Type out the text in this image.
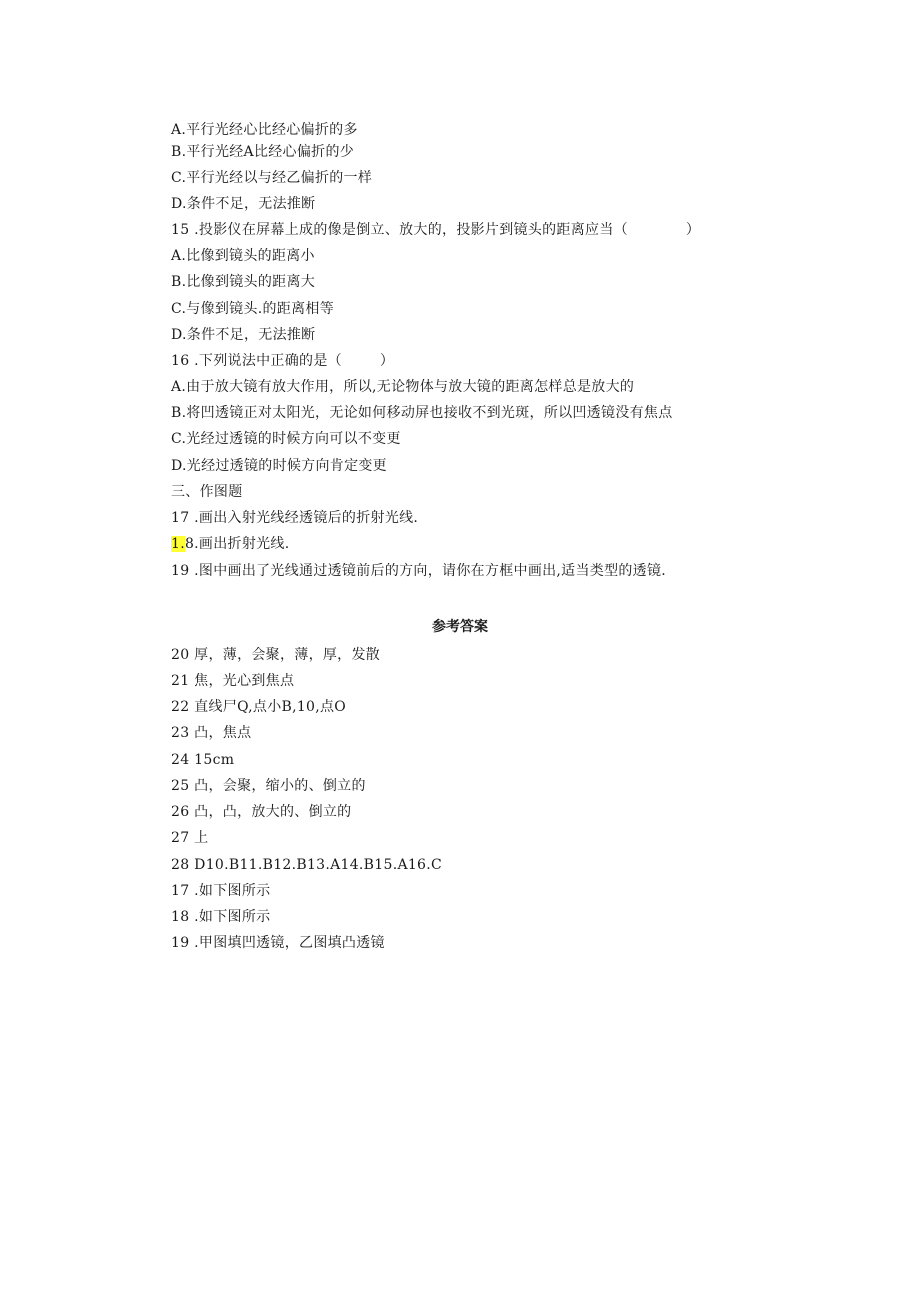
A.平行光经心比经心偏折的多
B.平行光经A比经心偏折的少
C.平行光经以与经乙偏折的一样
D.条件不足，无法推断
15 .投影仪在屏幕上成的像是倒立、放大的，投影片到镜头的距离应当（	）
A.比像到镜头的距离小
B.比像到镜头的距离大
C.与像到镜头.的距离相等
D.条件不足，无法推断
16 .下列说法中正确的是（	）
A.由于放大镜有放大作用，所以,无论物体与放大镜的距离怎样总是放大的
B.将凹透镜正对太阳光，无论如何移动屏也接收不到光斑，所以凹透镜没有焦点
C.光经过透镜的时候方向可以不变更
D.光经过透镜的时候方向肯定变更
三、作图题
17 .画出入射光线经透镜后的折射光线.
1.8.画出折射光线.
19 .图中画出了光线通过透镜前后的方向，请你在方框中画出,适当类型的透镜.
参考答案
20 厚，薄，会聚，薄，厚，发散
21 焦，光心到焦点
22 直线尸Q,点小B,10,点O
23 凸，焦点
24 15cm
25 凸，会聚，缩小的、倒立的
26 凸，凸，放大的、倒立的
27 上
28 D10.B11.B12.B13.A14.B15.A16.C
17 .如下图所示
18 .如下图所示
19 .甲图填凹透镜，乙图填凸透镜
